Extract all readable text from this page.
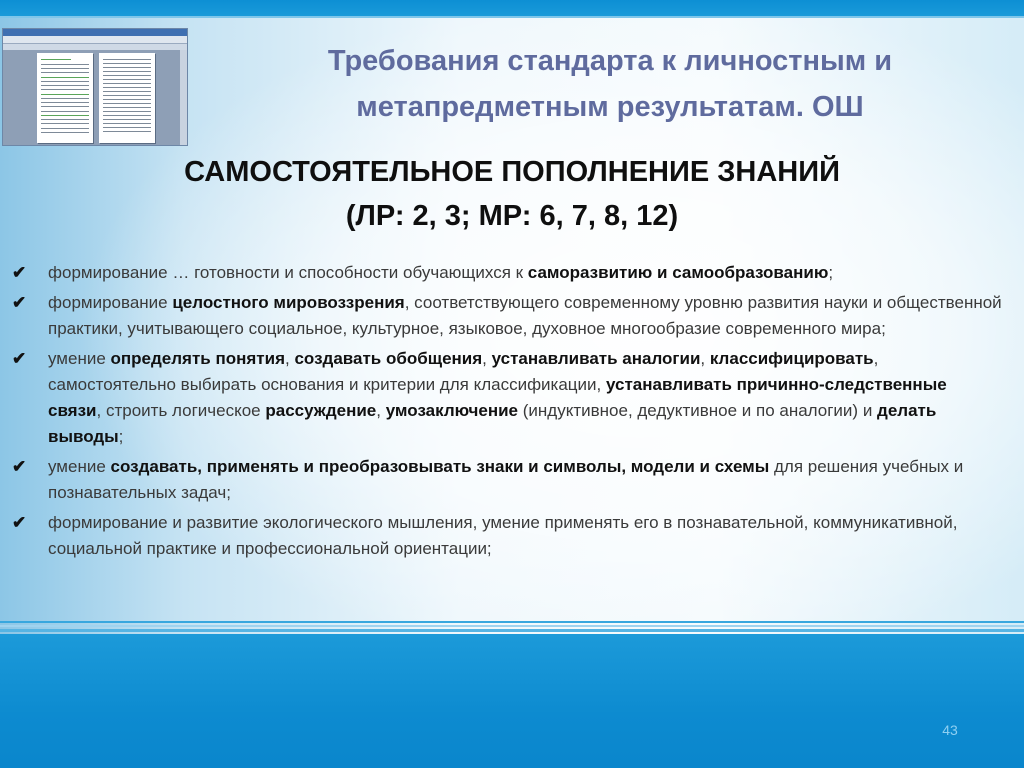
Требования стандарта к личностным и метапредметным результатам. ОШ
САМОСТОЯТЕЛЬНОЕ ПОПОЛНЕНИЕ ЗНАНИЙ
(ЛР: 2, 3; МР: 6, 7, 8, 12)
✔	формирование … готовности и способности обучающихся к саморазвитию и самообразованию;
✔	формирование целостного мировоззрения, соответствующего современному уровню развития науки и общественной практики, учитывающего социальное, культурное, языковое, духовное многообразие современного мира;
✔	умение определять понятия, создавать обобщения, устанавливать аналогии, классифицировать, самостоятельно выбирать основания и критерии для классификации, устанавливать причинно-следственные связи, строить логическое рассуждение, умозаключение (индуктивное, дедуктивное и по аналогии) и делать выводы;
✔	умение создавать, применять и преобразовывать знаки и символы, модели и схемы для решения учебных и познавательных задач;
✔	формирование и развитие экологического мышления, умение применять его в познавательной, коммуникативной, социальной практике и профессиональной ориентации;
43
